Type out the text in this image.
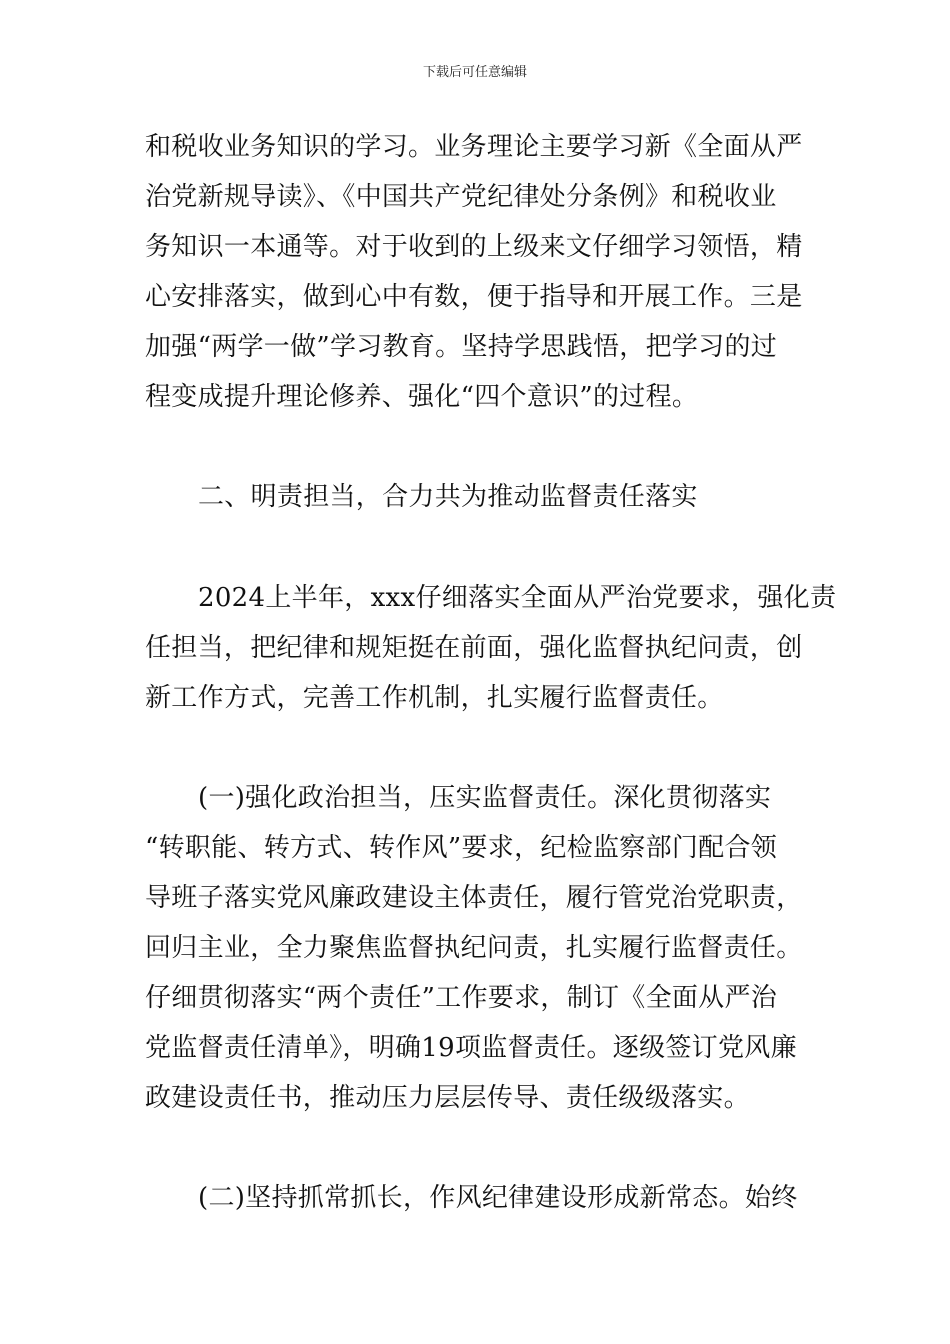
下载后可任意编辑
和税收业务知识的学习。业务理论主要学习新《全面从严
治党新规导读》、《中国共产党纪律处分条例》和税收业
务知识一本通等。对于收到的上级来文仔细学习领悟，精
心安排落实，做到心中有数，便于指导和开展工作。三是
加强“两学一做”学习教育。坚持学思践悟，把学习的过
程变成提升理论修养、强化“四个意识”的过程。
二、明责担当，合力共为推动监督责任落实
2024上半年，xxx仔细落实全面从严治党要求，强化责
任担当，把纪律和规矩挺在前面，强化监督执纪问责，创
新工作方式，完善工作机制，扎实履行监督责任。
(一)强化政治担当，压实监督责任。深化贯彻落实
“转职能、转方式、转作风”要求，纪检监察部门配合领
导班子落实党风廉政建设主体责任，履行管党治党职责，
回归主业，全力聚焦监督执纪问责，扎实履行监督责任。
仔细贯彻落实“两个责任”工作要求，制订《全面从严治
党监督责任清单》，明确19项监督责任。逐级签订党风廉
政建设责任书，推动压力层层传导、责任级级落实。
(二)坚持抓常抓长，作风纪律建设形成新常态。始终
